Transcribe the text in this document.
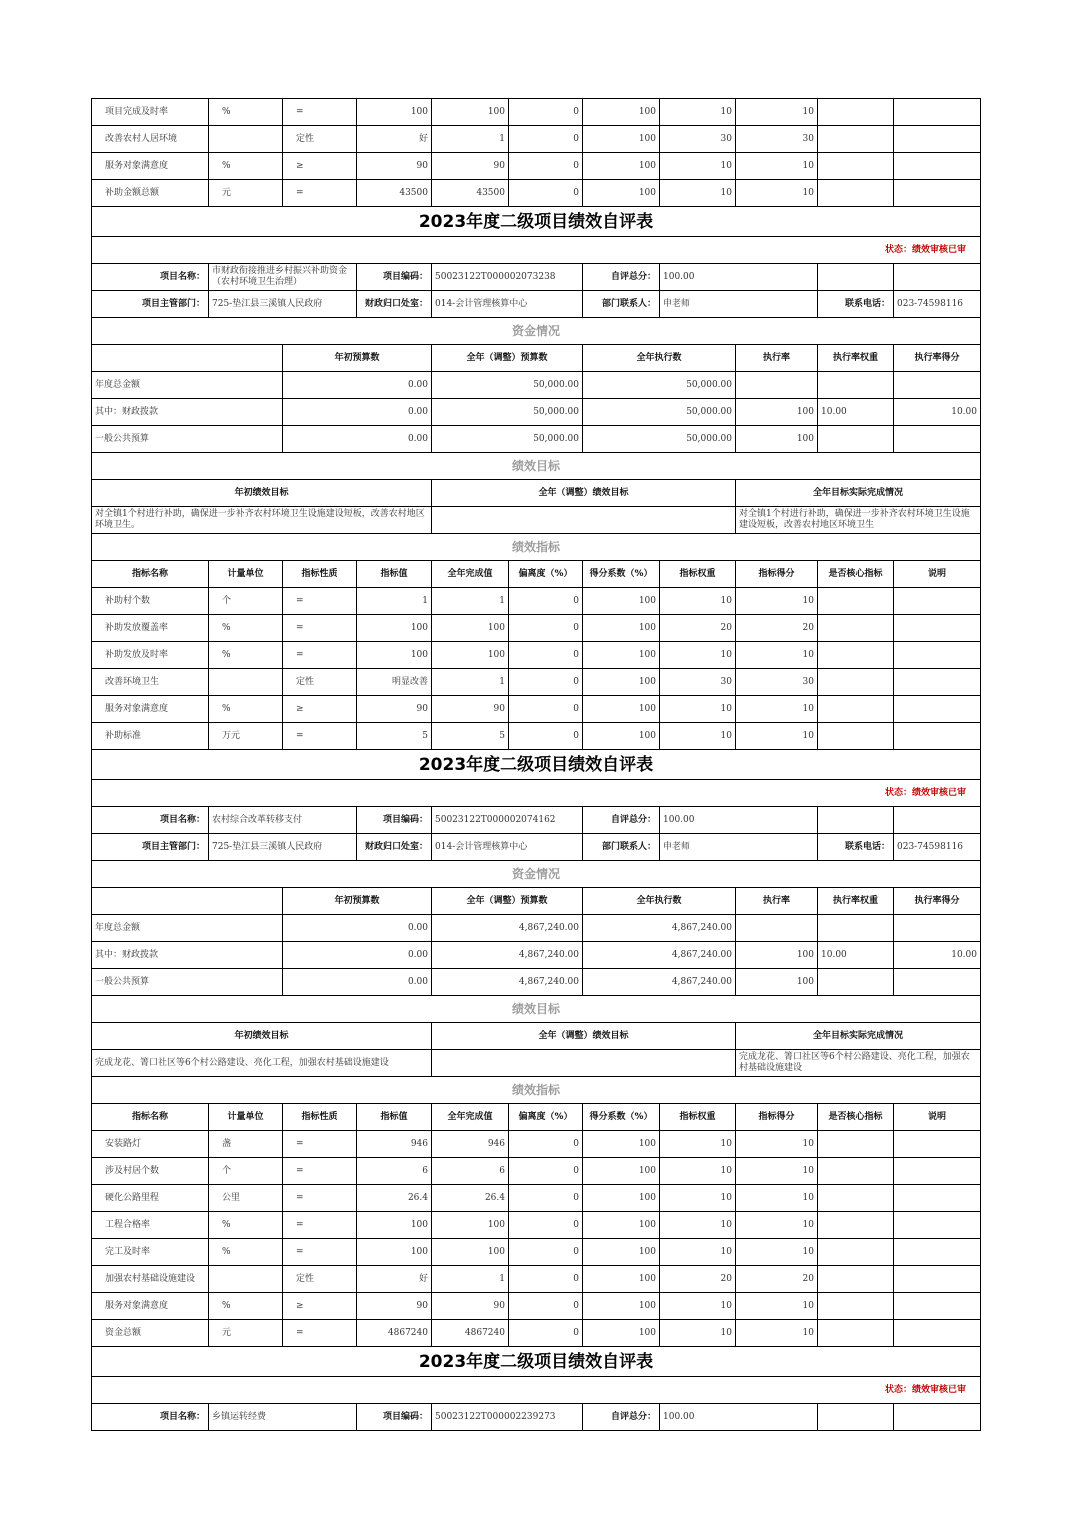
项目完成及时率	%	=	100	100	0	100	10	10		
改善农村人居环境		定性	好	1	0	100	30	30		
服务对象满意度	%	≥	90	90	0	100	10	10		
补助金额总额	元	=	43500	43500	0	100	10	10		
2023年度二级项目绩效自评表										
状态：绩效审核已审										
项目名称：	市财政衔接推进乡村振兴补助资金（农村环境卫生治理）		项目编码：	50023122T000002073238		自评总分：	100.00			
项目主管部门：	725-垫江县三溪镇人民政府		财政归口处室：	014-会计管理核算中心		部门联系人：	申老师		联系电话：	023-74598116
资金情况										
		年初预算数		全年（调整）预算数		全年执行数		执行率	执行率权重	执行率得分
年度总金额		0.00		50,000.00		50,000.00				
其中：财政拨款		0.00		50,000.00		50,000.00		100	10.00	10.00
一般公共预算		0.00		50,000.00		50,000.00		100		
绩效目标										
年初绩效目标				全年（调整）绩效目标				全年目标实际完成情况		
对全镇1个村进行补助，确保进一步补齐农村环境卫生设施建设短板，改善农村地区环境卫生。								对全镇1个村进行补助，确保进一步补齐农村环境卫生设施建设短板，改善农村地区环境卫生		
绩效指标										
指标名称	计量单位	指标性质	指标值	全年完成值	偏离度（%）	得分系数（%）	指标权重	指标得分	是否核心指标	说明
补助村个数	个	=	1	1	0	100	10	10		
补助发放覆盖率	%	=	100	100	0	100	20	20		
补助发放及时率	%	=	100	100	0	100	10	10		
改善环境卫生		定性	明显改善	1	0	100	30	30		
服务对象满意度	%	≥	90	90	0	100	10	10		
补助标准	万元	=	5	5	0	100	10	10		
2023年度二级项目绩效自评表										
状态：绩效审核已审										
项目名称：	农村综合改革转移支付		项目编码：	50023122T000002074162		自评总分：	100.00			
项目主管部门：	725-垫江县三溪镇人民政府		财政归口处室：	014-会计管理核算中心		部门联系人：	申老师		联系电话：	023-74598116
资金情况										
		年初预算数		全年（调整）预算数		全年执行数		执行率	执行率权重	执行率得分
年度总金额		0.00		4,867,240.00		4,867,240.00				
其中：财政拨款		0.00		4,867,240.00		4,867,240.00		100	10.00	10.00
一般公共预算		0.00		4,867,240.00		4,867,240.00		100		
绩效目标										
年初绩效目标				全年（调整）绩效目标				全年目标实际完成情况		
完成龙花、箐口社区等6个村公路建设、亮化工程，加强农村基础设施建设								完成龙花、箐口社区等6个村公路建设、亮化工程，加强农村基础设施建设		
绩效指标										
指标名称	计量单位	指标性质	指标值	全年完成值	偏离度（%）	得分系数（%）	指标权重	指标得分	是否核心指标	说明
安装路灯	盏	=	946	946	0	100	10	10		
涉及村居个数	个	=	6	6	0	100	10	10		
硬化公路里程	公里	=	26.4	26.4	0	100	10	10		
工程合格率	%	=	100	100	0	100	10	10		
完工及时率	%	=	100	100	0	100	10	10		
加强农村基础设施建设		定性	好	1	0	100	20	20		
服务对象满意度	%	≥	90	90	0	100	10	10		
资金总额	元	=	4867240	4867240	0	100	10	10		
2023年度二级项目绩效自评表										
状态：绩效审核已审										
项目名称：	乡镇运转经费		项目编码：	50023122T000002239273		自评总分：	100.00			
